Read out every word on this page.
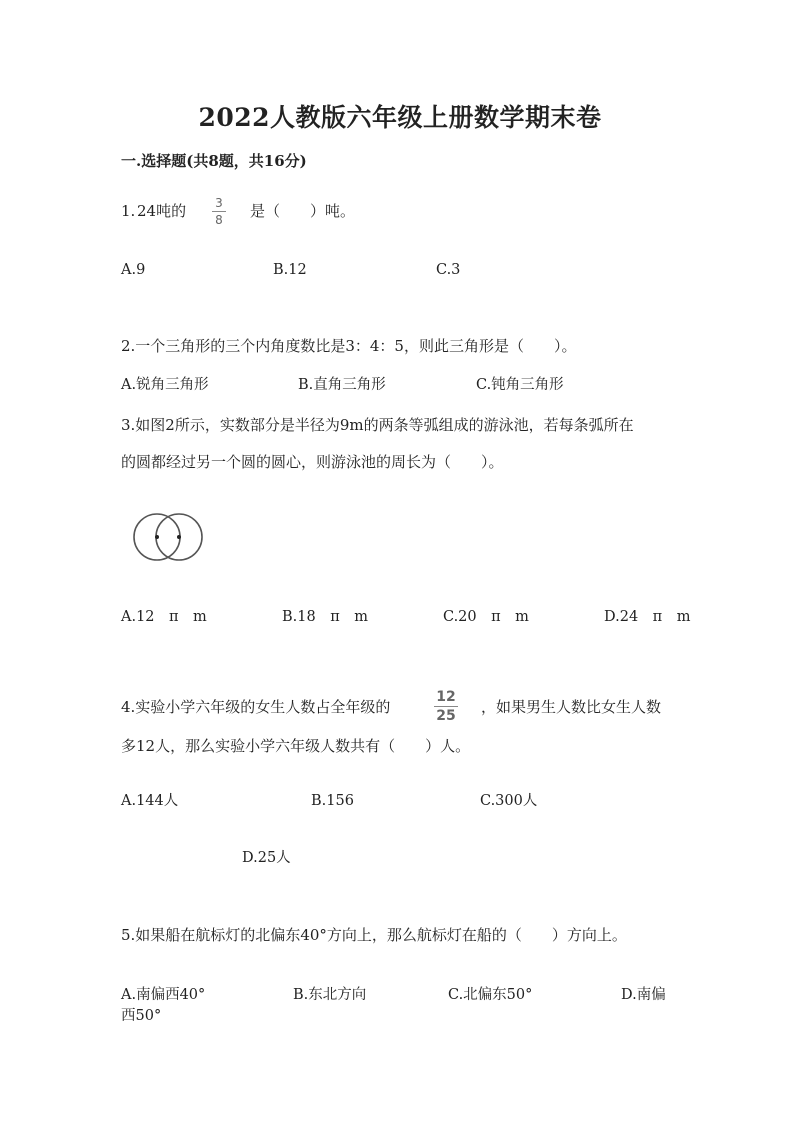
2022人教版六年级上册数学期末卷
一.选择题(共8题，共16分)
1. 24吨的 3
8 是（　　）吨。
A.9	B.12	C.3
2.一个三角形的三个内角度数比是3：4：5，则此三角形是（　　）。
A.锐角三角形	B.直角三角形	C.钝角三角形
3.如图2所示，实数部分是半径为9m的两条等弧组成的游泳池，若每条弧所在
的圆都经过另一个圆的圆心，则游泳池的周长为（　　）。
A.12　π　m	B.18　π　m	C.20　π　m	D.24　π　m
4.实验小学六年级的女生人数占全年级的
12
25 ，如果男生人数比女生人数
多12人，那么实验小学六年级人数共有（　　）人。
A.144人	B.156	C.300人
D.25人
5.如果船在航标灯的北偏东40°方向上，那么航标灯在船的（　　）方向上。
A.南偏西40°	B.东北方向	C.北偏东50°	D.南偏
西50°
